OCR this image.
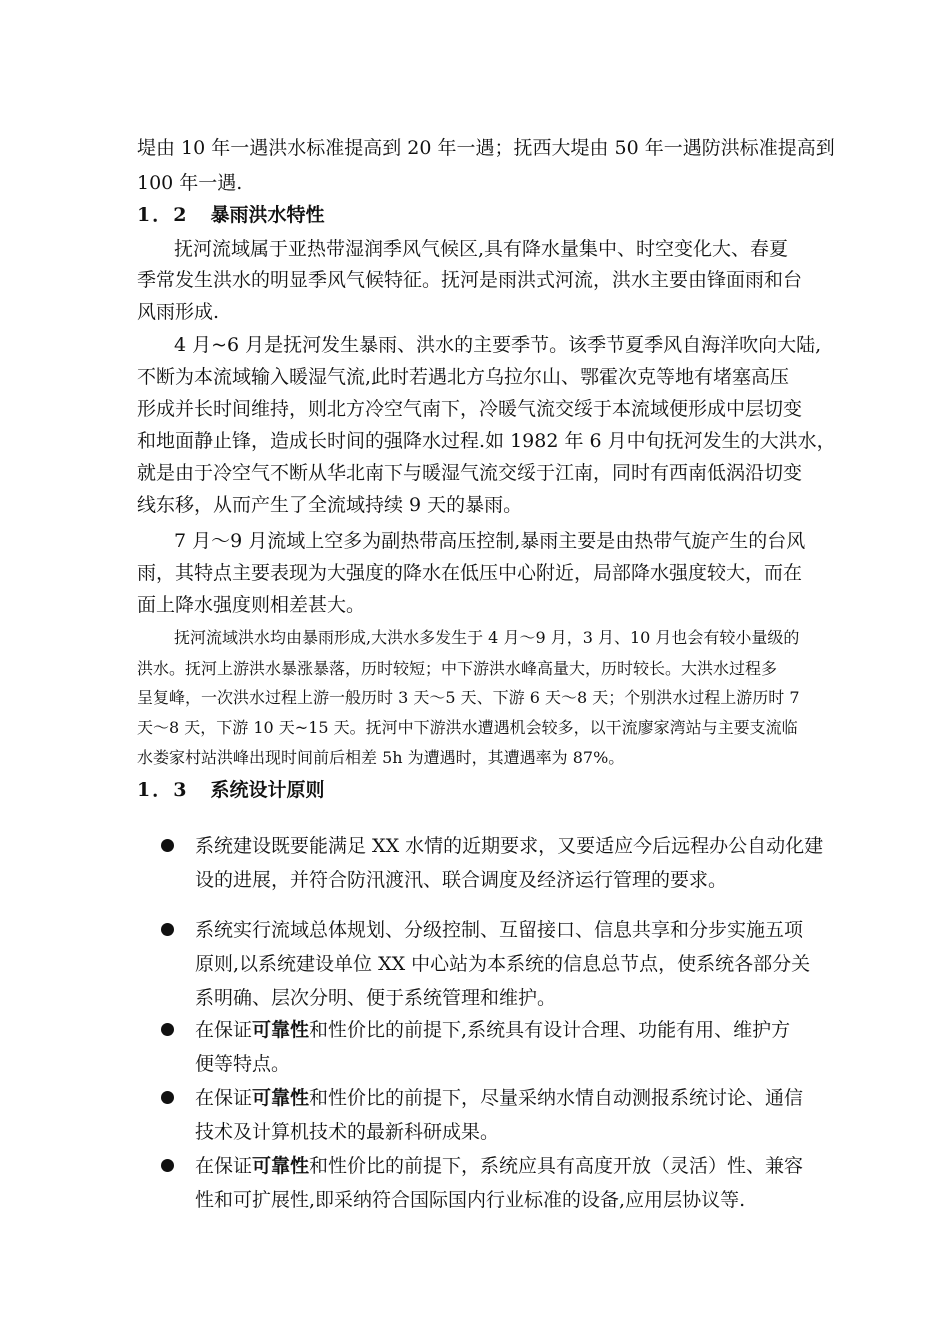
堤由 10 年一遇洪水标准提高到 20 年一遇；抚西大堤由 50 年一遇防洪标准提高到
100 年一遇.
1．2 暴雨洪水特性
抚河流域属于亚热带湿润季风气候区,具有降水量集中、时空变化大、春夏
季常发生洪水的明显季风气候特征。抚河是雨洪式河流，洪水主要由锋面雨和台
风雨形成.
4 月~6 月是抚河发生暴雨、洪水的主要季节。该季节夏季风自海洋吹向大陆,
不断为本流域输入暖湿气流,此时若遇北方乌拉尔山、鄂霍次克等地有堵塞高压
形成并长时间维持，则北方冷空气南下，冷暖气流交绥于本流域便形成中层切变
和地面静止锋，造成长时间的强降水过程.如 1982 年 6 月中旬抚河发生的大洪水，
就是由于冷空气不断从华北南下与暖湿气流交绥于江南，同时有西南低涡沿切变
线东移，从而产生了全流域持续 9 天的暴雨。
7 月～9 月流域上空多为副热带高压控制,暴雨主要是由热带气旋产生的台风
雨，其特点主要表现为大强度的降水在低压中心附近，局部降水强度较大，而在
面上降水强度则相差甚大。
抚河流域洪水均由暴雨形成,大洪水多发生于 4 月～9 月，3 月、10 月也会有较小量级的
洪水。抚河上游洪水暴涨暴落，历时较短；中下游洪水峰高量大，历时较长。大洪水过程多
呈复峰，一次洪水过程上游一般历时 3 天～5 天、下游 6 天～8 天；个别洪水过程上游历时 7
天～8 天，下游 10 天~15 天。抚河中下游洪水遭遇机会较多，以干流廖家湾站与主要支流临
水娄家村站洪峰出现时间前后相差 5h 为遭遇时，其遭遇率为 87%。
1．3 系统设计原则
系统建设既要能满足 XX 水情的近期要求，又要适应今后远程办公自动化建
设的进展，并符合防汛渡汛、联合调度及经济运行管理的要求。
系统实行流域总体规划、分级控制、互留接口、信息共享和分步实施五项
原则,以系统建设单位 XX 中心站为本系统的信息总节点，使系统各部分关
系明确、层次分明、便于系统管理和维护。
在保证可靠性和性价比的前提下,系统具有设计合理、功能有用、维护方
便等特点。
在保证可靠性和性价比的前提下，尽量采纳水情自动测报系统讨论、通信
技术及计算机技术的最新科研成果。
在保证可靠性和性价比的前提下，系统应具有高度开放（灵活）性、兼容
性和可扩展性,即采纳符合国际国内行业标准的设备,应用层协议等.
